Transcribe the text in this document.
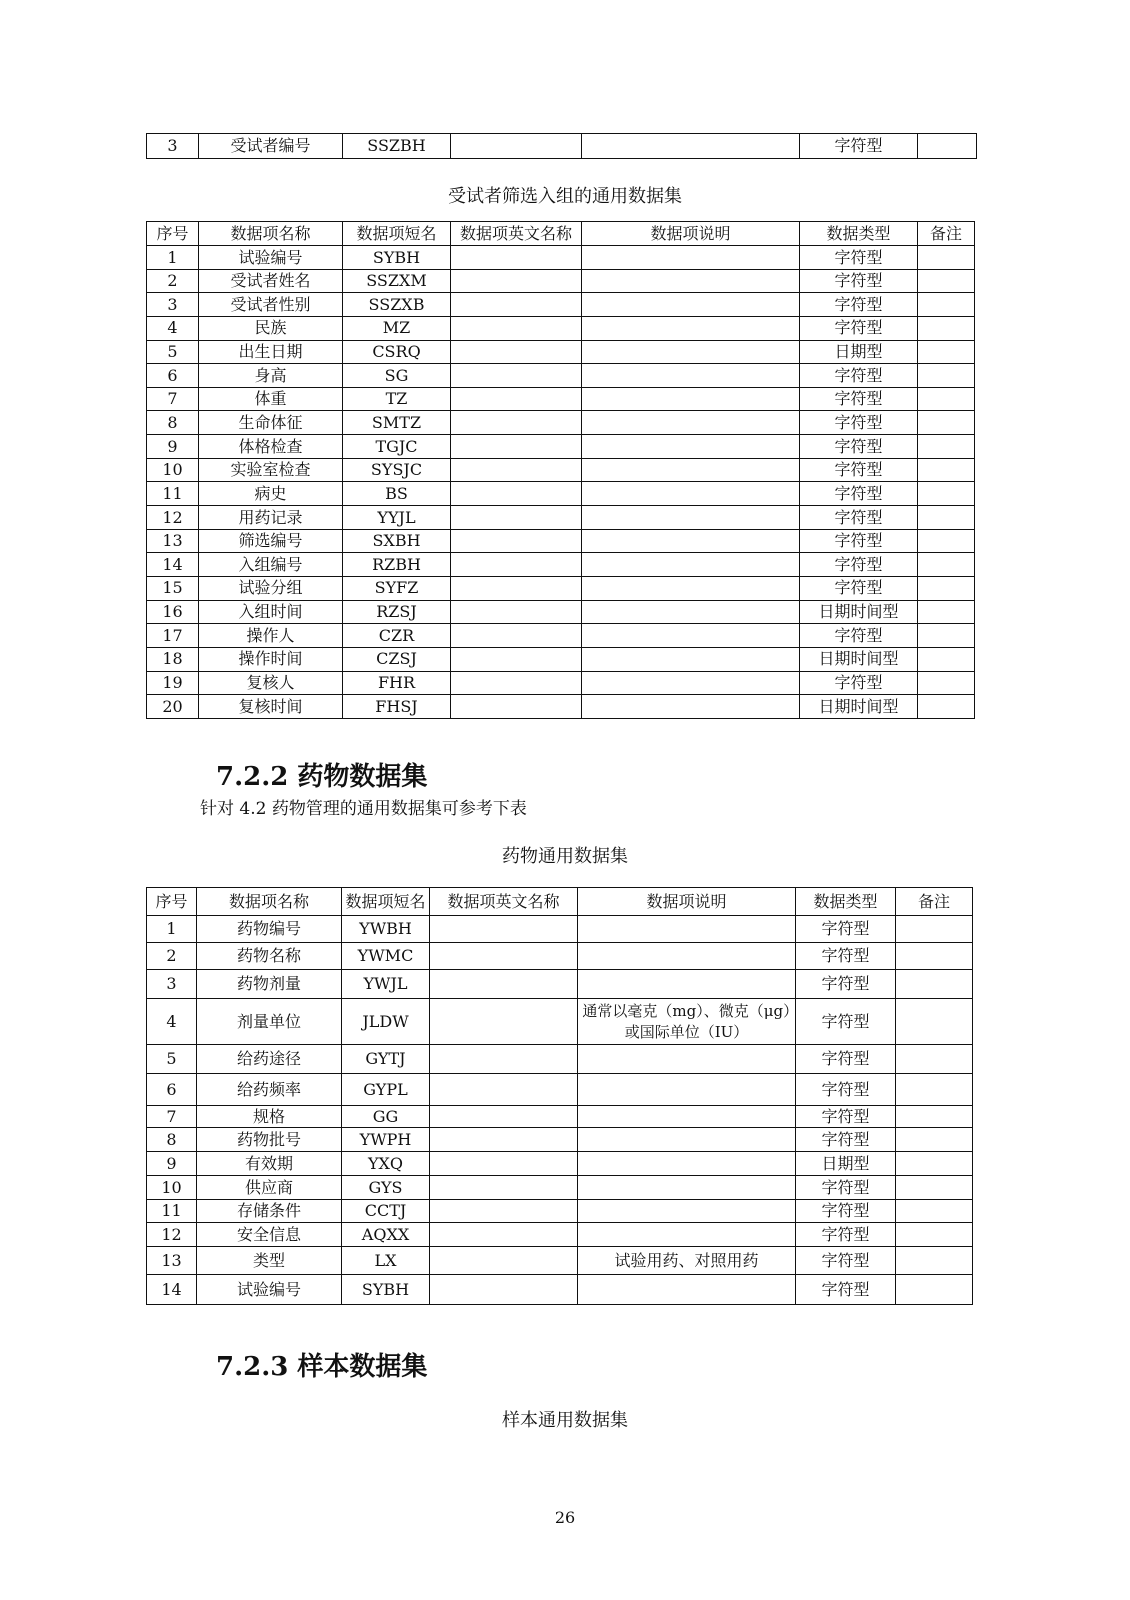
3	受试者编号	SSZBH			字符型	
受试者筛选入组的通用数据集
序号	数据项名称	数据项短名	数据项英文名称	数据项说明	数据类型	备注
1	试验编号	SYBH			字符型	
2	受试者姓名	SSZXM			字符型	
3	受试者性别	SSZXB			字符型	
4	民族	MZ			字符型	
5	出生日期	CSRQ			日期型	
6	身高	SG			字符型	
7	体重	TZ			字符型	
8	生命体征	SMTZ			字符型	
9	体格检查	TGJC			字符型	
10	实验室检查	SYSJC			字符型	
11	病史	BS			字符型	
12	用药记录	YYJL			字符型	
13	筛选编号	SXBH			字符型	
14	入组编号	RZBH			字符型	
15	试验分组	SYFZ			字符型	
16	入组时间	RZSJ			日期时间型	
17	操作人	CZR			字符型	
18	操作时间	CZSJ			日期时间型	
19	复核人	FHR			字符型	
20	复核时间	FHSJ			日期时间型	
7.2.2 药物数据集
针对 4.2 药物管理的通用数据集可参考下表
药物通用数据集
序号	数据项名称	数据项短名	数据项英文名称	数据项说明	数据类型	备注
1	药物编号	YWBH			字符型	
2	药物名称	YWMC			字符型	
3	药物剂量	YWJL			字符型	
4	剂量单位	JLDW		通常以毫克（mg）、微克（μg）或国际单位（IU）	字符型	
5	给药途径	GYTJ			字符型	
6	给药频率	GYPL			字符型	
7	规格	GG			字符型	
8	药物批号	YWPH			字符型	
9	有效期	YXQ			日期型	
10	供应商	GYS			字符型	
11	存储条件	CCTJ			字符型	
12	安全信息	AQXX			字符型	
13	类型	LX		试验用药、对照用药	字符型	
14	试验编号	SYBH			字符型	
7.2.3 样本数据集
样本通用数据集
26
